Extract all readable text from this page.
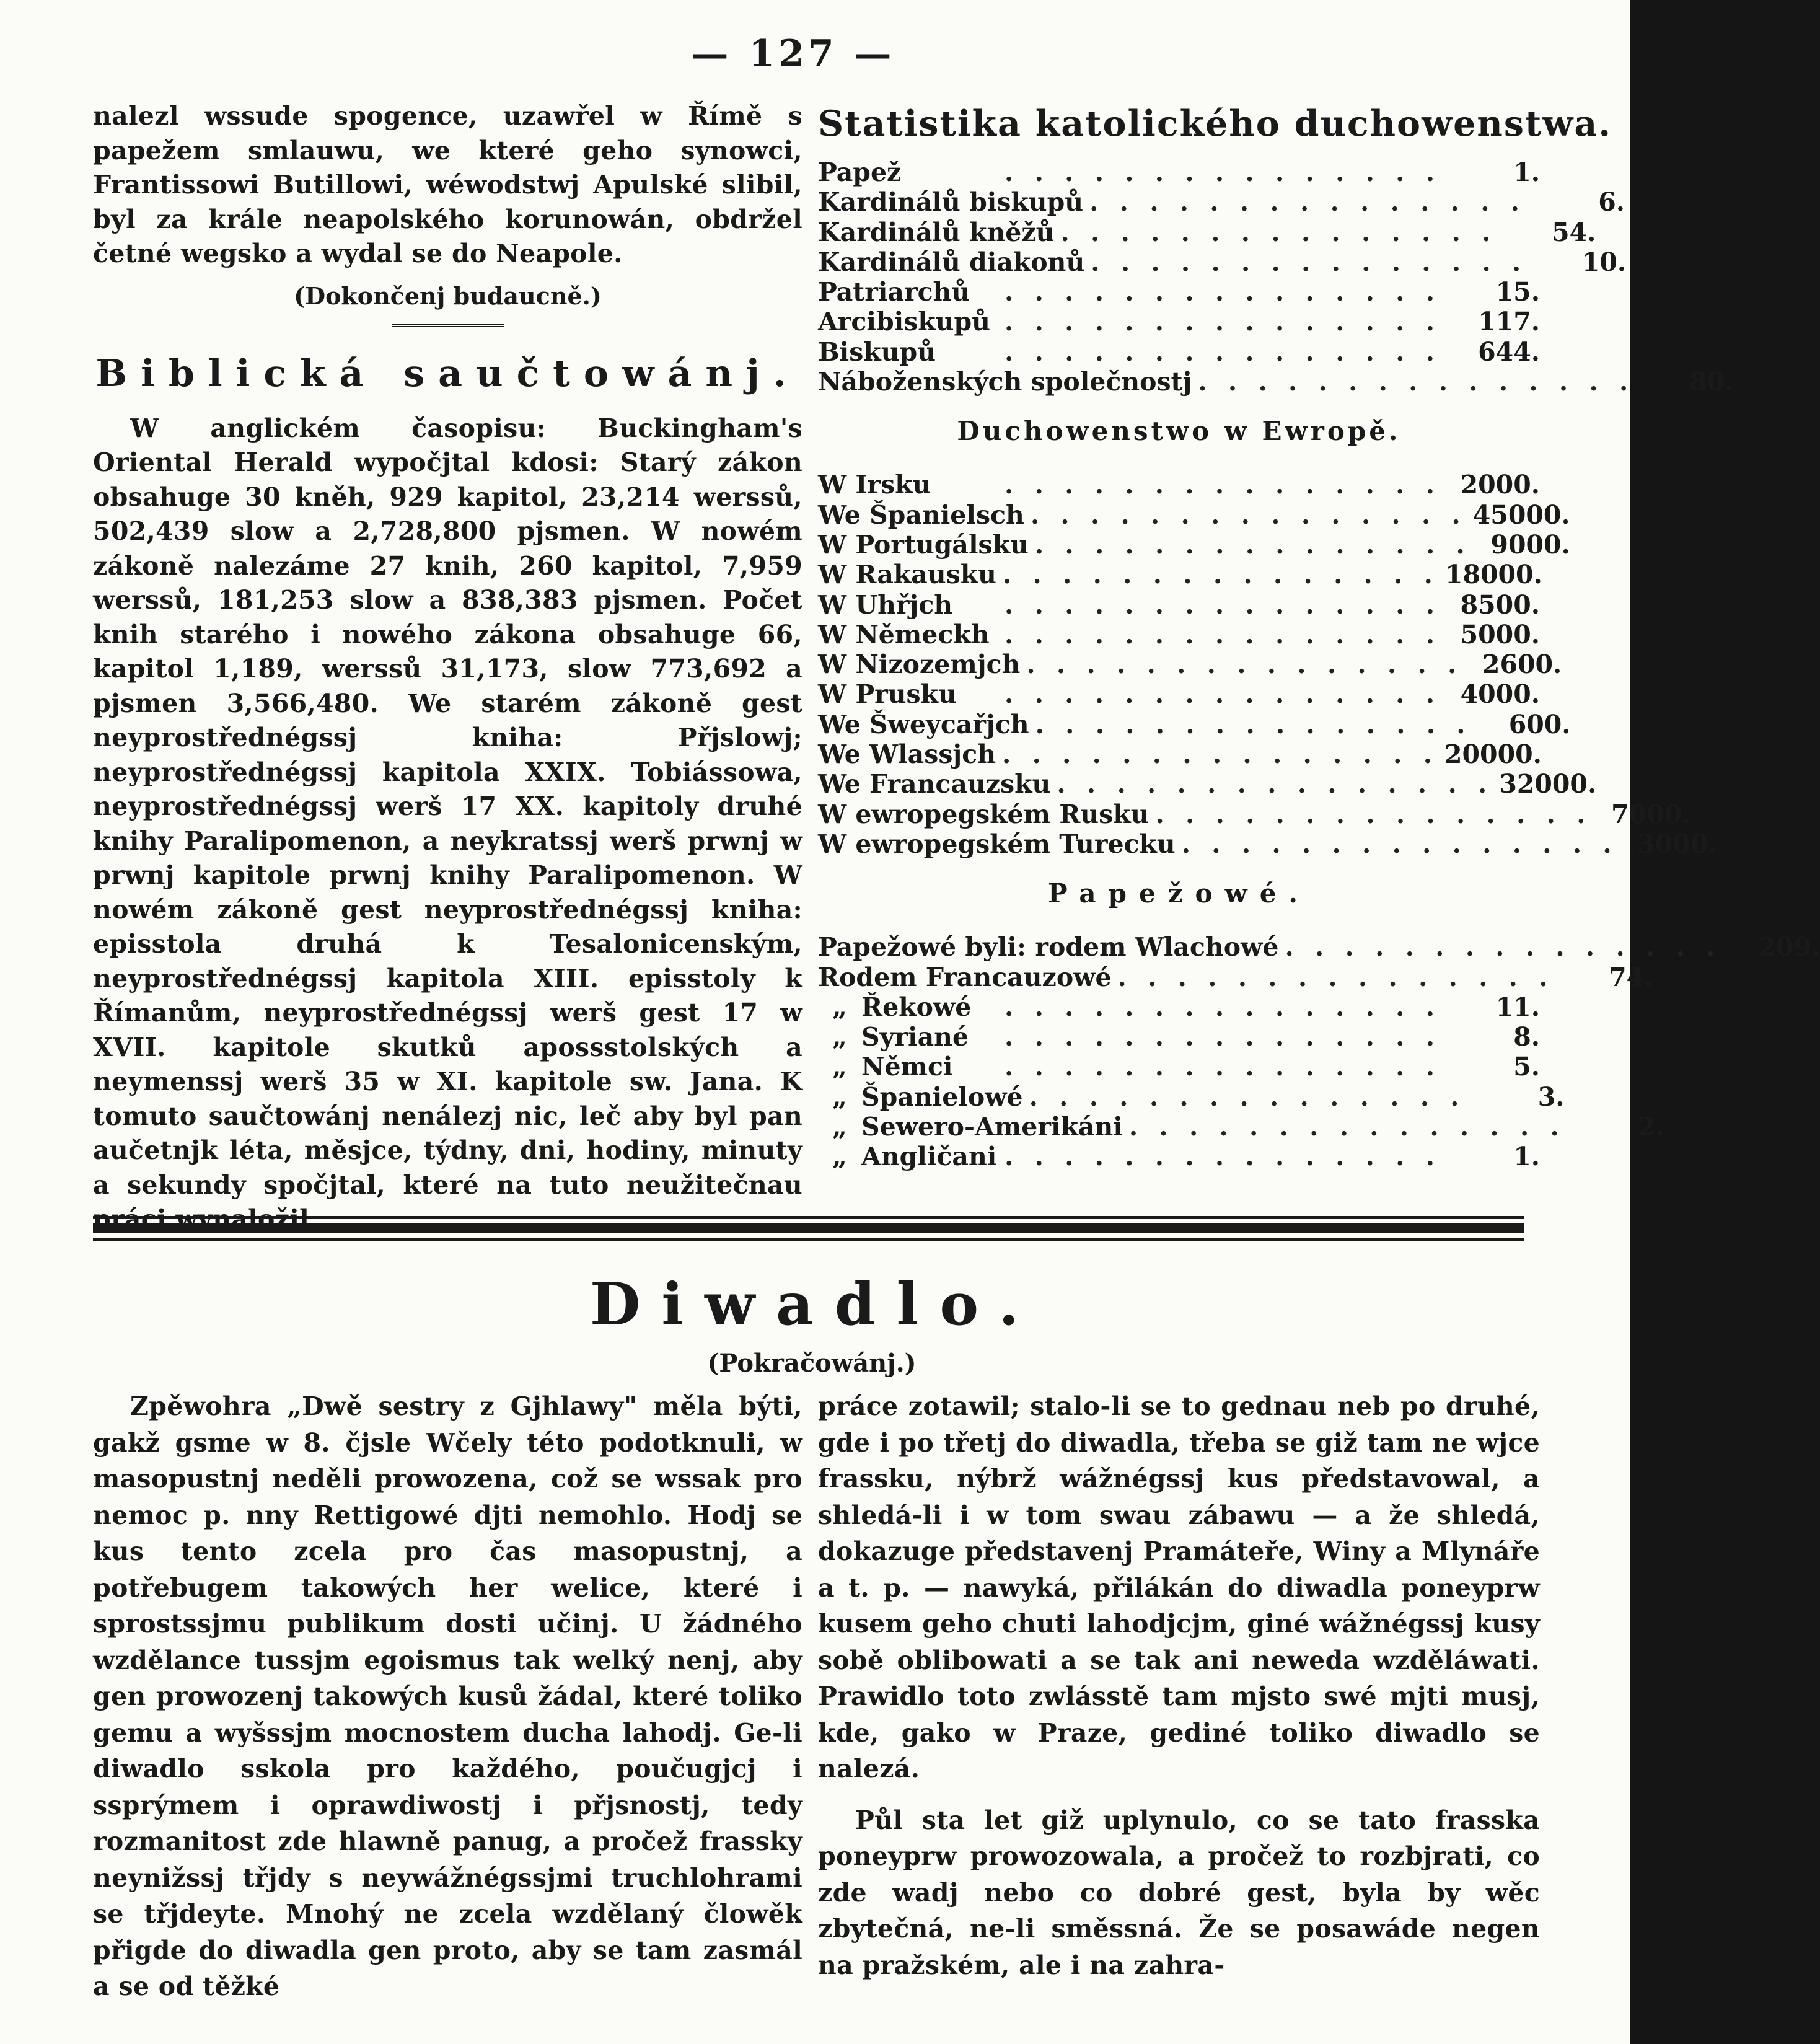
— 127 —

nalezl wssude spogence, uzawřel w Římě s papežem smlauwu, we které geho synowci, Frantissowi Butillowi, wéwodstwj Apulské slibil, byl za krále neapolského korunowán, obdržel četné wegsko a wydal se do Neapole.

(Dokončenj budaucně.)
Biblická saučtowánj.

W anglickém časopisu: Buckingham's Oriental Herald wypočjtal kdosi: Starý zákon obsahuge 30 kněh, 929 kapitol, 23,214 werssů, 502,439 slow a 2,728,800 pjsmen. W nowém zákoně nalezáme 27 knih, 260 kapitol, 7,959 werssů, 181,253 slow a 838,383 pjsmen. Počet knih starého i nowého zákona obsahuge 66, kapitol 1,189, werssů 31,173, slow 773,692 a pjsmen 3,566,480. We starém zákoně gest neyprostřednégssj kniha: Přjslowj; neyprostřednégssj kapitola XXIX. Tobiássowa, neyprostřednégssj werš 17 XX. kapitoly druhé knihy Paralipomenon, a neykratssj werš prwnj w prwnj kapitole prwnj knihy Paralipomenon. W nowém zákoně gest neyprostřednégssj kniha: episstola druhá k Tesalonicenským, neyprostřednégssj kapitola XIII. episstoly k Římanům, neyprostřednégssj werš gest 17 w XVII. kapitole skutků apossstolských a neymenssj werš 35 w XI. kapitole sw. Jana. K tomuto saučtowánj nenálezj nic, leč aby byl pan aučetnjk léta, měsjce, týdny, dni, hodiny, minuty a sekundy spočjtal, které na tuto neužitečnau

Statistika katolického duchowenstwa.
Papež	. . . . . . . . . . . . . . .	1.
Kardinálů biskupů . . . . . . . . . . . . . . .	6.
Kardinálů kněžů . . . . . . . . . . . . . . .	54.
Kardinálů diakonů . . . . . . . . . . . . . . .	10.
Patriarchů	. . . . . . . . . . . . . . .	15.
Arcibiskupů . . . . . . . . . . . . . . .	117.
Biskupů	. . . . . . . . . . . . . . .	644.
Náboženských společnostj . . . . . . . . . . . . . . .	80.
Duchowenstwo w Ewropě.
W Irsku	. . . . . . . . . . . . . . . 2000.
We Španielsch . . . . . . . . . . . . . . . 45000.
W Portugálsku . . . . . . . . . . . . . . . 9000.
W Rakausku . . . . . . . . . . . . . . . 18000.
W Uhřjch	. . . . . . . . . . . . . . . 8500.
W Německh . . . . . . . . . . . . . . . 5000.
W Nizozemjch . . . . . . . . . . . . . . . 2600.
W Prusku	. . . . . . . . . . . . . . . 4000.
We Šweycařjch . . . . . . . . . . . . . . .	600.
We Wlassjch . . . . . . . . . . . . . . . 20000.
We Francauzsku . . . . . . . . . . . . . . . 32000.
W ewropegském Rusku . . . . . . . . . . . . . . . 7000.
W ewropegském Turecku . . . . . . . . . . . . . . . 3000.
Papežowé.
Papežowé byli: rodem Wlachowé . . . . . . . . . . . . . . .	209.
Rodem Francauzowé . . . . . . . . . . . . . . .	74.
„ Řekowé	. . . . . . . . . . . . . . .	11.
„ Syriané	. . . . . . . . . . . . . . .	8.
„ Němci	. . . . . . . . . . . . . . .	5.
„ Španielowé . . . . . . . . . . . . . . .	3.
„ Sewero-Amerikáni . . . . . . . . . . . . . . .	2.
„ Angličani . . . . . . . . . . . . . . .	1.
Diwadlo.
(Pokračowánj.)

Zpěwohra „Dwě sestry z Gjhlawy" měla býti, gakž gsme w 8. čjsle Wčely této podotknuli, w masopustnj neděli prowozena, což se wssak pro nemoc p. nny Rettigowé djti nemohlo. Hodj se kus tento zcela pro čas masopustnj, a potřebugem takowých her welice, které i sprostssjmu publikum dosti učinj. U žádného wzdělance tussjm egoismus tak welký nenj, aby gen prowozenj takowých kusů žádal, které toliko gemu a wyšssjm mocnostem ducha lahodj. Ge-li diwadlo sskola pro každého, poučugjcj i ssprýmem i oprawdiwostj i přjsnostj, tedy rozmanitost zde hlawně panug, a pročež frassky neynižssj třjdy s neywážnégssjmi truchlohrami se třjdeyte. Mnohý ne zcela wzdělaný člowěk přigde do diwadla gen proto, aby se tam zasmál a se od těžké

práce zotawil; stalo-li se to gednau neb po druhé, gde i po třetj do diwadla, třeba se giž tam ne wjce frassku, nýbrž wážnégssj kus představowal, a shledá-li i w tom swau zábawu — a že shledá, dokazuge představenj Pramáteře, Winy a Mlynáře a t. p. — nawyká, přilákán do diwadla poneyprw kusem geho chuti lahodjcjm, giné wážnégssj kusy sobě oblibowati a se tak ani neweda wzděláwati. Prawidlo toto zwlásstě tam mjsto swé mjti musj, kde, gako w Praze, gediné toliko diwadlo se nalezá.

Půl sta let giž uplynulo, co se tato frasska poneyprw prowozowala, a pročež to rozbjrati, co zde wadj nebo co dobré gest, byla by wěc zbytečná, ne-li směssná. Že se posawáde negen na pražském, ale i na zahra-
